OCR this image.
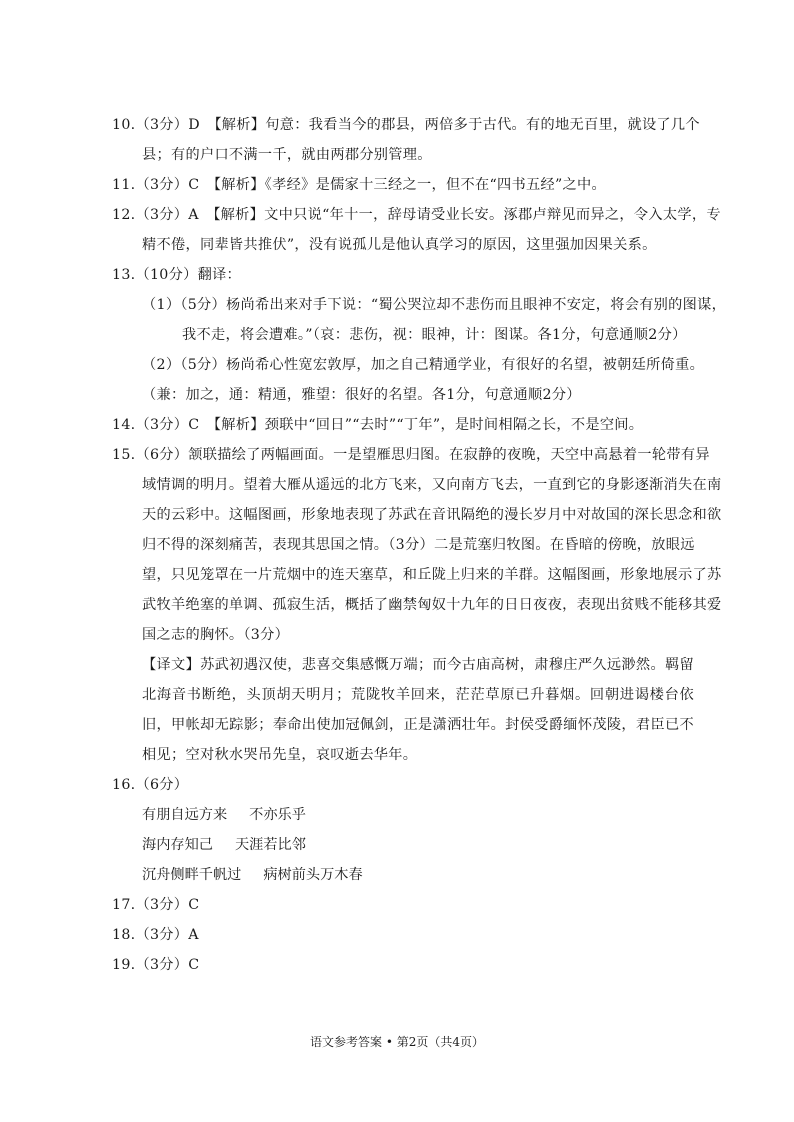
10.（3分）D　【解析】句意：我看当今的郡县，两倍多于古代。有的地无百里，就设了几个县；有的户口不满一千，就由两郡分别管理。
11.（3分）C　【解析】《孝经》是儒家十三经之一，但不在“四书五经”之中。
12.（3分）A　【解析】文中只说“年十一，辞母请受业长安。涿郡卢辩见而异之，令入太学，专精不倦，同辈皆共推伏”，没有说孤儿是他认真学习的原因，这里强加因果关系。
13.（10分）翻译：
（1）（5分）杨尚希出来对手下说：“蜀公哭泣却不悲伤而且眼神不安定，将会有别的图谋，我不走，将会遭难。”（哀：悲伤，视：眼神，计：图谋。各1分，句意通顺2分）
（2）（5分）杨尚希心性宽宏敦厚，加之自己精通学业，有很好的名望，被朝廷所倚重。
（兼：加之，通：精通，雅望：很好的名望。各1分，句意通顺2分）
14.（3分）C　【解析】颈联中“回日”“去时”“丁年”，是时间相隔之长，不是空间。
15.（6分）颔联描绘了两幅画面。一是望雁思归图。在寂静的夜晚，天空中高悬着一轮带有异域情调的明月。望着大雁从遥远的北方飞来，又向南方飞去，一直到它的身影逐渐消失在南天的云彩中。这幅图画，形象地表现了苏武在音讯隔绝的漫长岁月中对故国的深长思念和欲归不得的深刻痛苦，表现其思国之情。（3分）二是荒塞归牧图。在昏暗的傍晚，放眼远望，只见笼罩在一片荒烟中的连天塞草，和丘陇上归来的羊群。这幅图画，形象地展示了苏武牧羊绝塞的单调、孤寂生活，概括了幽禁匈奴十九年的日日夜夜，表现出贫贱不能移其爱国之志的胸怀。（3分）
【译文】苏武初遇汉使，悲喜交集感慨万端；而今古庙高树，肃穆庄严久远渺然。羁留北海音书断绝，头顶胡天明月；荒陇牧羊回来，茫茫草原已升暮烟。回朝进谒楼台依旧，甲帐却无踪影；奉命出使加冠佩剑，正是潇洒壮年。封侯受爵缅怀茂陵，君臣已不相见；空对秋水哭吊先皇，哀叹逝去华年。
16.（6分）
有朋自远方来 不亦乐乎
海内存知己 天涯若比邻
沉舟侧畔千帆过 病树前头万木春
17.（3分）C
18.（3分）A
19.（3分）C
语文参考答案 • 第2页（共4页）
